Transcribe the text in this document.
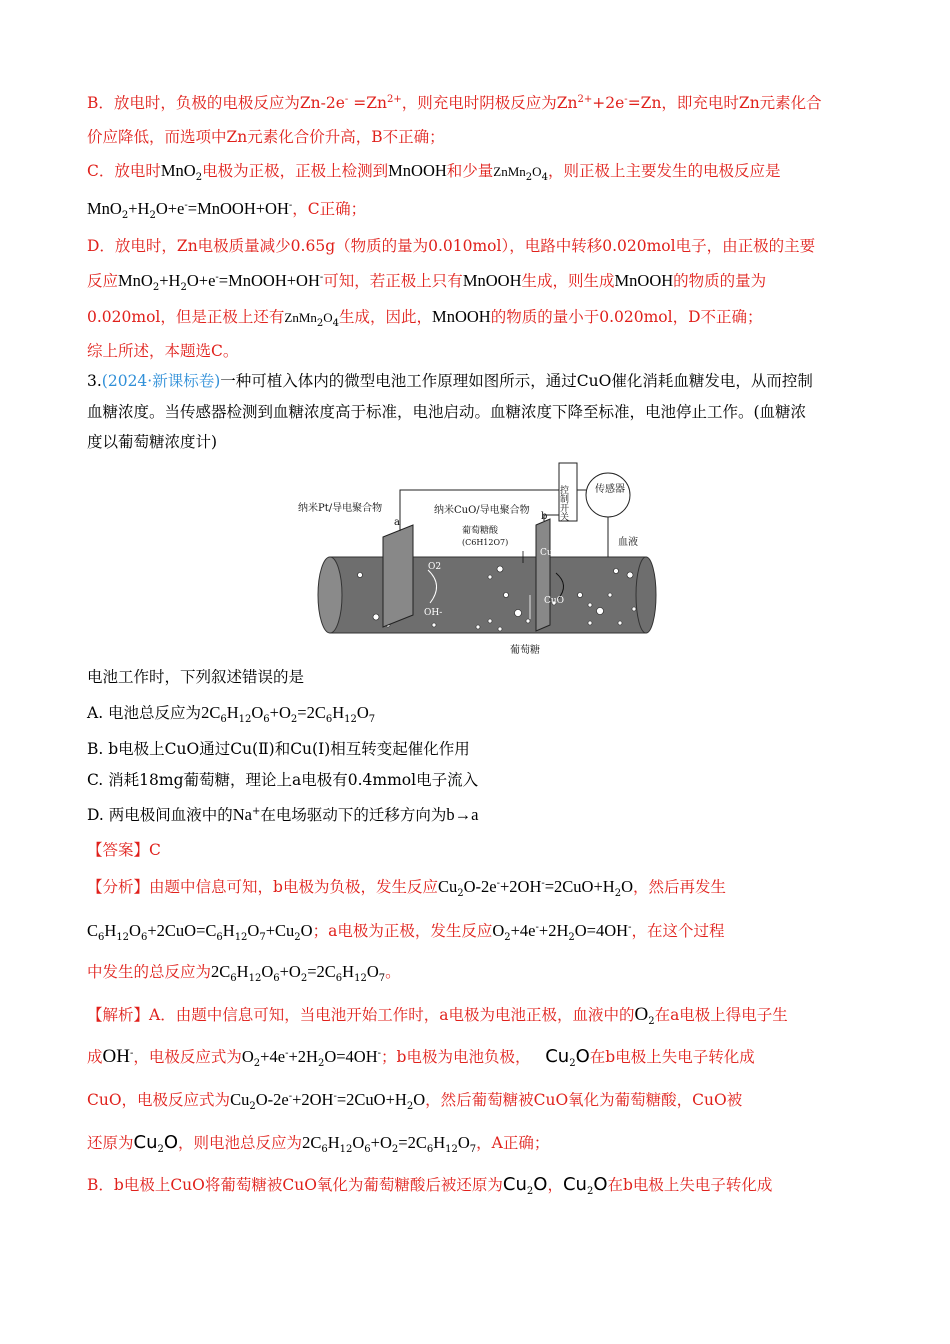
B．放电时，负极的电极反应为$Zn-2e^- =Zn^{2+}$，则充电时阴极反应为$Zn^{2+}+2e^-=Zn$，即充电时Zn元素化合
价应降低，而选项中Zn元素化合价升高，B不正确；
C．放电时MnO$_2$电极为正极，正极上检测到MnOOH和少量$ZnMn_2O_4$，则正极上主要发生的电极反应是
$MnO_2+H_2O+e^-=MnOOH+OH^-$，C正确；
D．放电时，Zn电极质量减少0.65g（物质的量为0.010mol），电路中转移0.020mol电子，由正极的主要
反应$MnO_2+H_2O+e^-=MnOOH+OH^-$可知，若正极上只有MnOOH生成，则生成MnOOH的物质的量为
0.020mol，但是正极上还有$ZnMn_2O_4$生成，因此，MnOOH的物质的量小于0.020mol，D不正确；
综上所述，本题选C。
3.(2024·新课标卷)一种可植入体内的微型电池工作原理如图所示，通过CuO催化消耗血糖发电，从而控制
血糖浓度。当传感器检测到血糖浓度高于标准，电池启动。血糖浓度下降至标准，电池停止工作。(血糖浓
度以葡萄糖浓度计)
纳米Pt/导电聚合物
a
纳米CuO/导电聚合物
b 控制开关	传感器
葡萄糖酸
(C6H12O7)
Cu2O
CuO
O2
OH-
血液
葡萄糖
电池工作时，下列叙述错误的是
A. 电池总反应为$2C_6H_{12}O_6+O_2=2C_6H_{12}O_7$
B. b电极上CuO通过Cu(Ⅱ)和Cu(Ⅰ)相互转变起催化作用
C. 消耗18mg葡萄糖，理论上a电极有0.4mmol电子流入
D. 两电极间血液中的Na+在电场驱动下的迁移方向为b→a
【答案】C
【分析】由题中信息可知，b电极为负极，发生反应$Cu_2O-2e^-+2OH^-=2CuO+H_2O$，然后再发生
$C_6H_{12}O_6+2CuO=C_6H_{12}O_7+Cu_2O$；a电极为正极，发生反应$O_2+4e^-+2H_2O=4OH^-$，在这个过程
中发生的总反应为$2C_6H_{12}O_6+O_2=2C_6H_{12}O_7$。
【解析】A．由题中信息可知，当电池开始工作时，a电极为电池正极，血液中的$O_2$在a电极上得电子生
成OH-，电极反应式为$O_2+4e^-+2H_2O=4OH^-$；b电极为电池负极， $Cu_2O$在b电极上失电子转化成
CuO，电极反应式为$Cu_2O-2e^-+2OH^-=2CuO+H_2O$，然后葡萄糖被CuO氧化为葡萄糖酸，CuO被
还原为$Cu_2O$，则电池总反应为$2C_6H_{12}O_6+O_2=2C_6H_{12}O_7$，A正确；
B．b电极上CuO将葡萄糖被CuO氧化为葡萄糖酸后被还原为$Cu_2O$，$Cu_2O$在b电极上失电子转化成
